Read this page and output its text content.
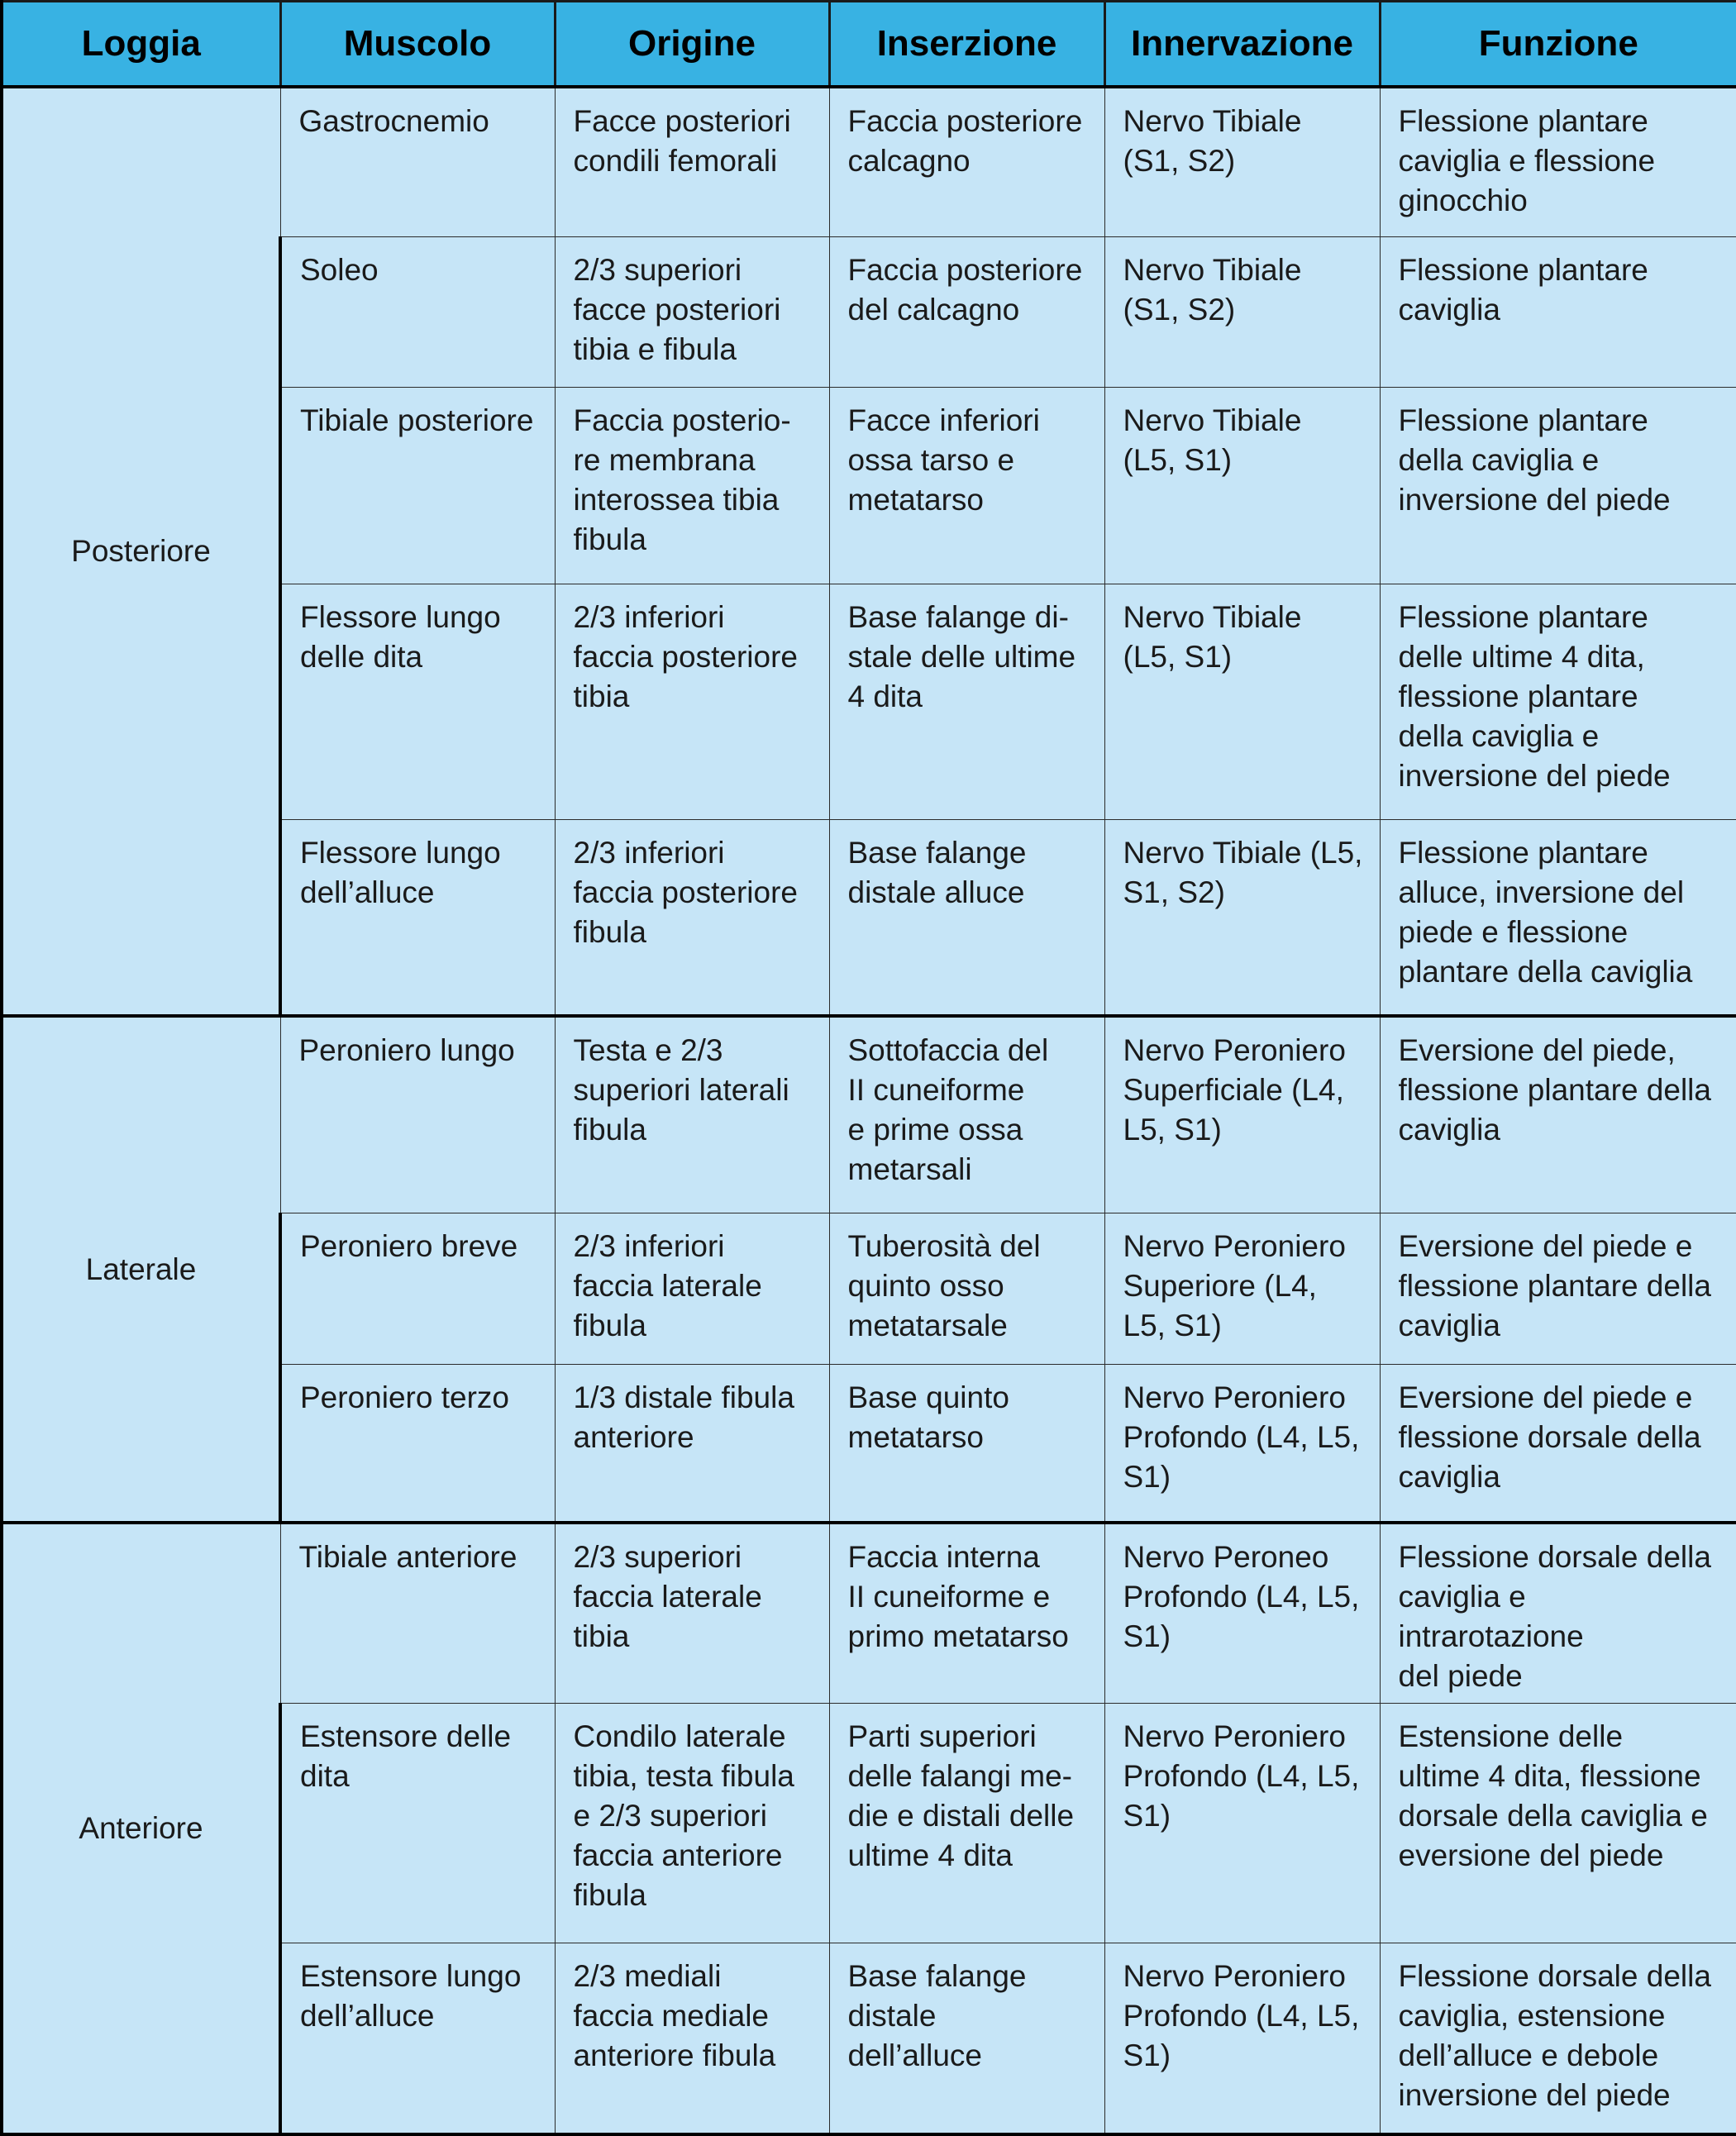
Loggia	Muscolo	Origine	Inserzione	Innervazione	Funzione
Posteriore	Gastrocnemio	Facce posteriori
condili femorali	Faccia posteriore
calcagno	Nervo Tibiale
(S1, S2)	Flessione plantare
caviglia e flessione
ginocchio

	Soleo	2/3 superiori
facce posteriori
tibia e fibula	Faccia posteriore
del calcagno	Nervo Tibiale
(S1, S2)	Flessione plantare
caviglia

	Tibiale posteriore	Faccia posterio-
re membrana
interossea tibia
fibula	Facce inferiori
ossa tarso e
metatarso	Nervo Tibiale
(L5, S1)	Flessione plantare
della caviglia e
inversione del piede

	Flessore lungo
delle dita	2/3 inferiori
faccia posteriore
tibia	Base falange di-
stale delle ultime
4 dita	Nervo Tibiale
(L5, S1)	Flessione plantare
delle ultime 4 dita,
flessione plantare
della caviglia e
inversione del piede

	Flessore lungo
dell’alluce	2/3 inferiori
faccia posteriore
fibula	Base falange
distale alluce	Nervo Tibiale (L5,
S1, S2)	Flessione plantare
alluce, inversione del
piede e flessione
plantare della caviglia

Laterale	Peroniero lungo	Testa e 2/3
superiori laterali
fibula	Sottofaccia del
II cuneiforme
e prime ossa
metarsali	Nervo Peroniero
Superficiale (L4,
L5, S1)	Eversione del piede,
flessione plantare della
caviglia

	Peroniero breve	2/3 inferiori
faccia laterale
fibula	Tuberosità del
quinto osso
metatarsale	Nervo Peroniero
Superiore (L4,
L5, S1)	Eversione del piede e
flessione plantare della
caviglia

	Peroniero terzo	1/3 distale fibula
anteriore	Base quinto
metatarso	Nervo Peroniero
Profondo (L4, L5,
S1)	Eversione del piede e
flessione dorsale della
caviglia

Anteriore	Tibiale anteriore	2/3 superiori
faccia laterale
tibia	Faccia interna
II cuneiforme e
primo metatarso	Nervo Peroneo
Profondo (L4, L5,
S1)	Flessione dorsale della
caviglia e intrarotazione
del piede

	Estensore delle
dita	Condilo laterale
tibia, testa fibula
e 2/3 superiori
faccia anteriore
fibula	Parti superiori
delle falangi me-
die e distali delle
ultime 4 dita	Nervo Peroniero
Profondo (L4, L5,
S1)	Estensione delle
ultime 4 dita, flessione
dorsale della caviglia e
eversione del piede

	Estensore lungo
dell’alluce	2/3 mediali
faccia mediale
anteriore fibula	Base falange
distale
dell’alluce	Nervo Peroniero
Profondo (L4, L5,
S1)	Flessione dorsale della
caviglia, estensione
dell’alluce e debole
inversione del piede
